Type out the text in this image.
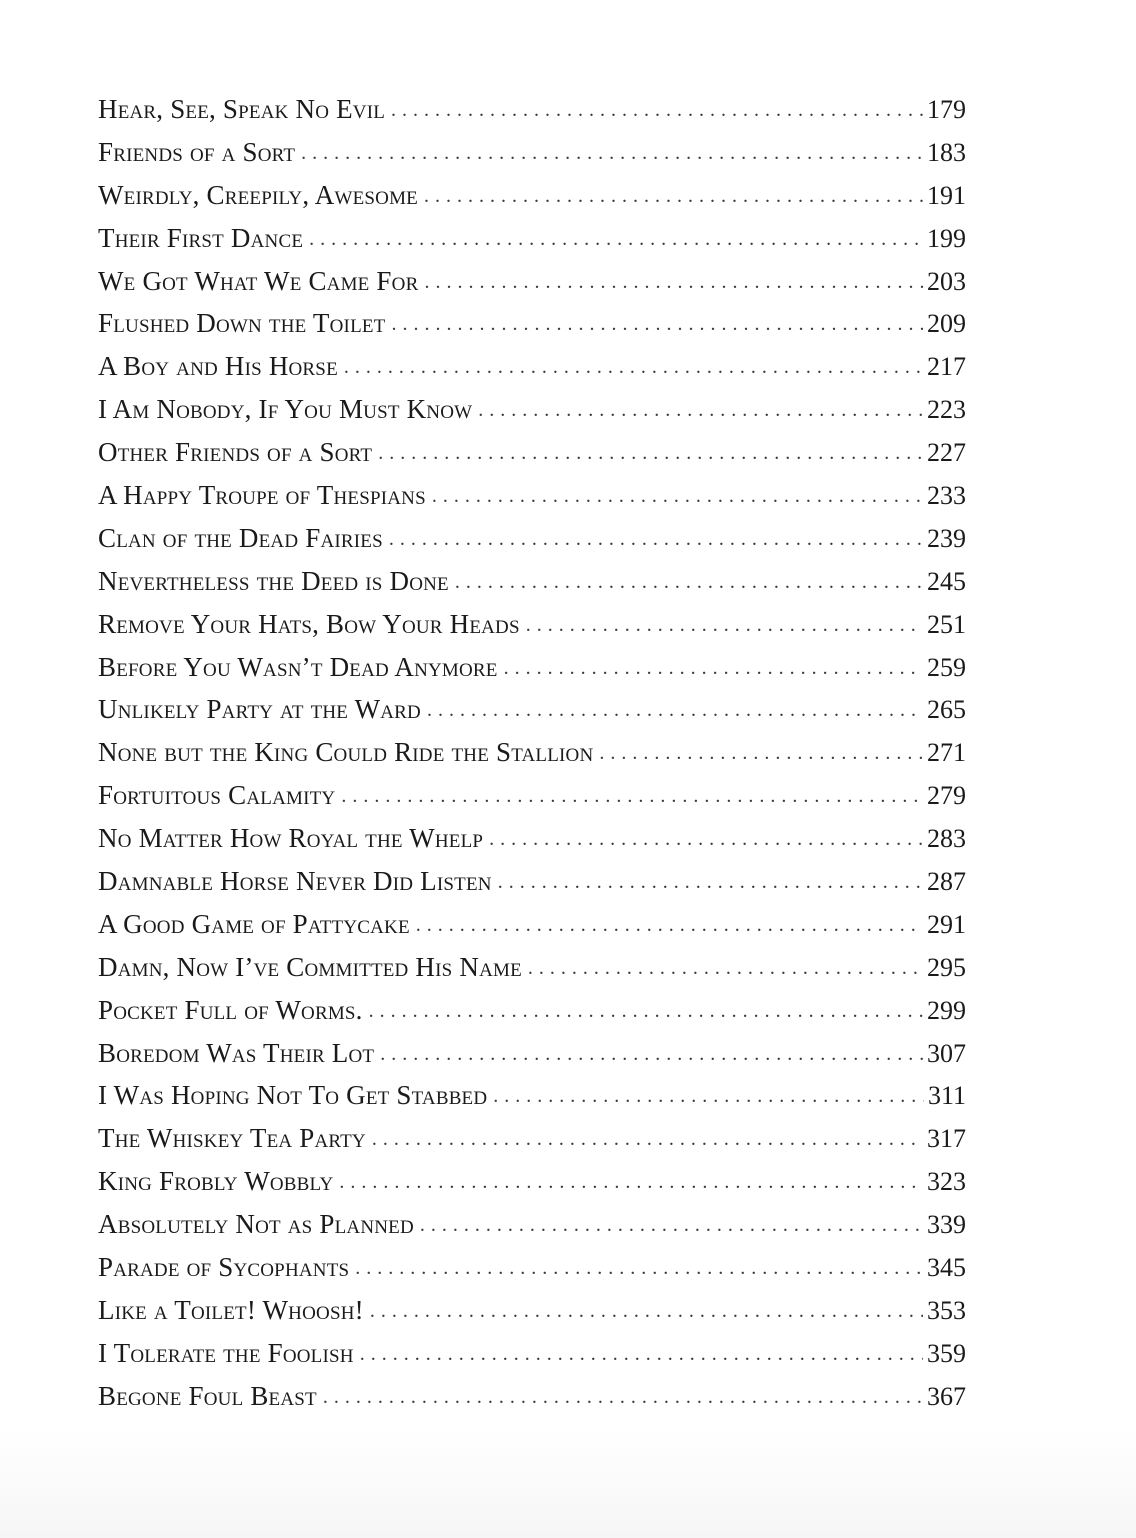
Hear, See, Speak No Evil . . .	179
Friends of a Sort . . .	183
Weirdly, Creepily, Awesome . . .	191
Their First Dance . . .	199
We Got What We Came For . . .	203
Flushed Down the Toilet . . .	209
A Boy and His Horse . . .	217
I Am Nobody, If You Must Know . . .	223
Other Friends of a Sort . . .	227
A Happy Troupe of Thespians . . .	233
Clan of the Dead Fairies . . .	239
Nevertheless the Deed is Done . . .	245
Remove Your Hats, Bow Your Heads . . .	251
Before You Wasn’t Dead Anymore . . .	259
Unlikely Party at the Ward . . .	265
None but the King Could Ride the Stallion . . .	271
Fortuitous Calamity . . .	279
No Matter How Royal the Whelp . . .	283
Damnable Horse Never Did Listen . . .	287
A Good Game of Pattycake . . .	291
Damn, Now I’ve Committed His Name . . .	295
Pocket Full of Worms. . . .	299
Boredom Was Their Lot . . .	307
I Was Hoping Not To Get Stabbed . . .	311
The Whiskey Tea Party . . .	317
King Frobly Wobbly . . .	323
Absolutely Not as Planned . . .	339
Parade of Sycophants . . .	345
Like a Toilet! Whoosh! . . .	353
I Tolerate the Foolish . . .	359
Begone Foul Beast . . .	367
